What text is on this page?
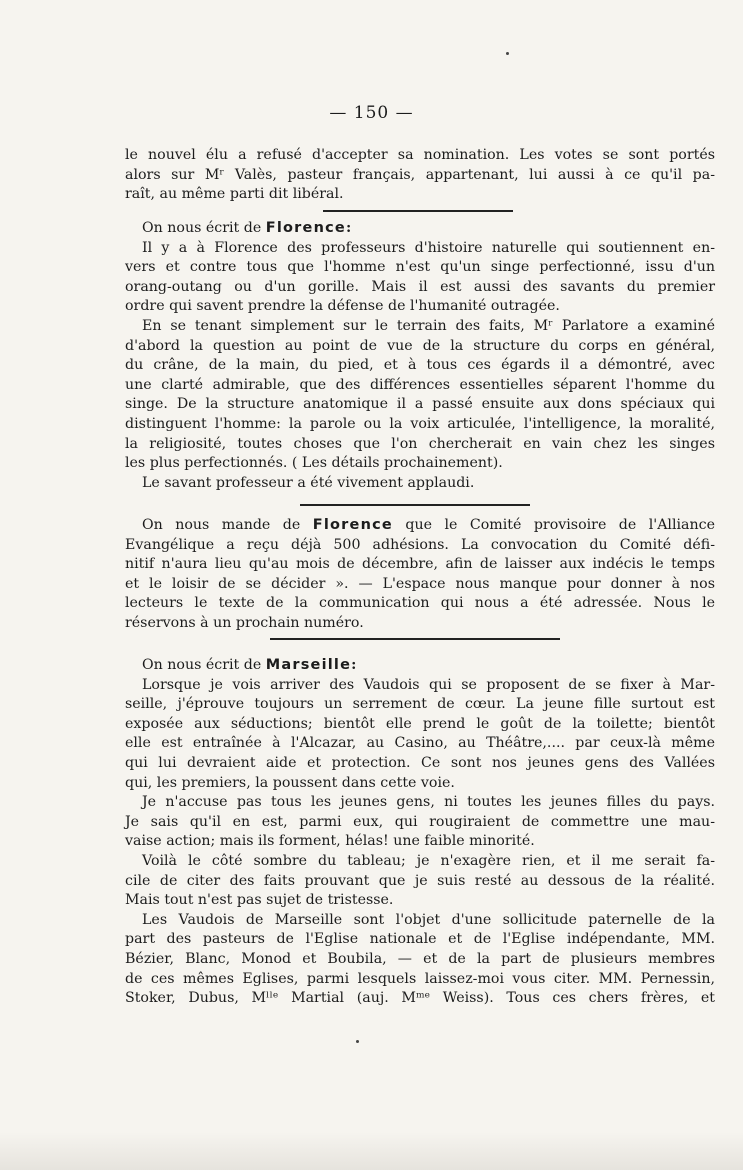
— 150 —
le nouvel élu a refusé d'accepter sa nomination. Les votes se sont portés
alors sur Mʳ Valès, pasteur français, appartenant, lui aussi à ce qu'il pa-
raît, au même parti dit libéral.
On nous écrit de Florence:
Il y a à Florence des professeurs d'histoire naturelle qui soutiennent en-
vers et contre tous que l'homme n'est qu'un singe perfectionné, issu d'un
orang-outang ou d'un gorille. Mais il est aussi des savants du premier
ordre qui savent prendre la défense de l'humanité outragée.
En se tenant simplement sur le terrain des faits, Mʳ Parlatore a examiné
d'abord la question au point de vue de la structure du corps en général,
du crâne, de la main, du pied, et à tous ces égards il a démontré, avec
une clarté admirable, que des différences essentielles séparent l'homme du
singe. De la structure anatomique il a passé ensuite aux dons spéciaux qui
distinguent l'homme: la parole ou la voix articulée, l'intelligence, la moralité,
la religiosité, toutes choses que l'on chercherait en vain chez les singes
les plus perfectionnés. ( Les détails prochainement).
Le savant professeur a été vivement applaudi.
On nous mande de Florence que le Comité provisoire de l'Alliance
Evangélique a reçu déjà 500 adhésions. La convocation du Comité défi-
nitif n'aura lieu qu'au mois de décembre, afin de laisser aux indécis le temps
et le loisir de se décider ». — L'espace nous manque pour donner à nos
lecteurs le texte de la communication qui nous a été adressée. Nous le
réservons à un prochain numéro.
On nous écrit de Marseille:
Lorsque je vois arriver des Vaudois qui se proposent de se fixer à Mar-
seille, j'éprouve toujours un serrement de cœur. La jeune fille surtout est
exposée aux séductions; bientôt elle prend le goût de la toilette; bientôt
elle est entraînée à l'Alcazar, au Casino, au Théâtre,.... par ceux-là même
qui lui devraient aide et protection. Ce sont nos jeunes gens des Vallées
qui, les premiers, la poussent dans cette voie.
Je n'accuse pas tous les jeunes gens, ni toutes les jeunes filles du pays.
Je sais qu'il en est, parmi eux, qui rougiraient de commettre une mau-
vaise action; mais ils forment, hélas! une faible minorité.
Voilà le côté sombre du tableau; je n'exagère rien, et il me serait fa-
cile de citer des faits prouvant que je suis resté au dessous de la réalité.
Mais tout n'est pas sujet de tristesse.
Les Vaudois de Marseille sont l'objet d'une sollicitude paternelle de la
part des pasteurs de l'Eglise nationale et de l'Eglise indépendante, MM.
Bézier, Blanc, Monod et Boubila, — et de la part de plusieurs membres
de ces mêmes Eglises, parmi lesquels laissez-moi vous citer. MM. Pernessin,
Stoker, Dubus, Mˡˡᵉ Martial (auj. Mᵐᵉ Weiss). Tous ces chers frères, et
